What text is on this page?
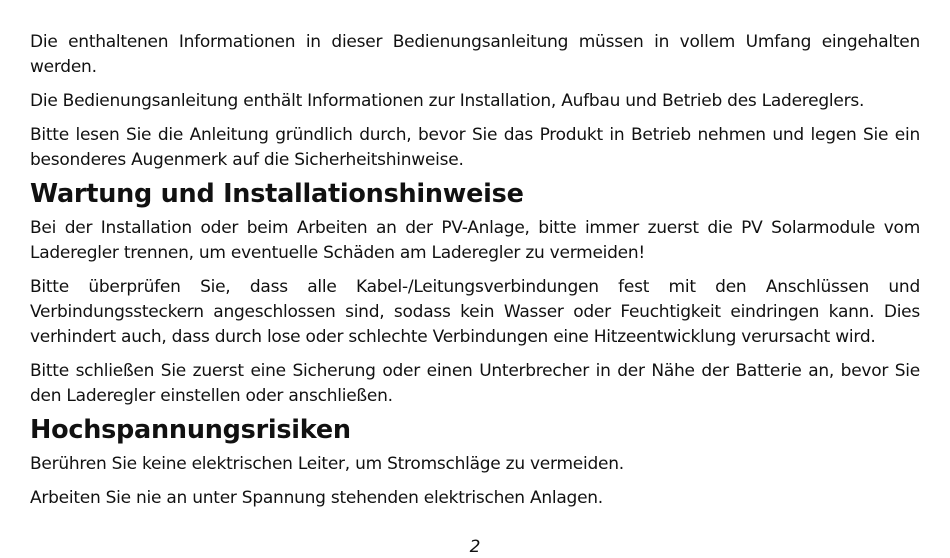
Die enthaltenen Informationen in dieser Bedienungsanleitung müssen in vollem Umfang eingehalten werden.

Die Bedienungsanleitung enthält Informationen zur Installation, Aufbau und Betrieb des Ladereglers.

Bitte lesen Sie die Anleitung gründlich durch, bevor Sie das Produkt in Betrieb nehmen und legen Sie ein besonderes Augenmerk auf die Sicherheitshinweise.

Wartung und Installationshinweise

Bei der Installation oder beim Arbeiten an der PV-Anlage, bitte immer zuerst die PV Solarmodule vom Laderegler trennen, um eventuelle Schäden am Laderegler zu vermeiden!

Bitte überprüfen Sie, dass alle Kabel-/Leitungsverbindungen fest mit den Anschlüssen und Verbindungssteckern angeschlossen sind, sodass kein Wasser oder Feuchtigkeit eindringen kann. Dies verhindert auch, dass durch lose oder schlechte Verbindungen eine Hitzeentwicklung verursacht wird.

Bitte schließen Sie zuerst eine Sicherung oder einen Unterbrecher in der Nähe der Batterie an, bevor Sie den Laderegler einstellen oder anschließen.

Hochspannungsrisiken

Berühren Sie keine elektrischen Leiter, um Stromschläge zu vermeiden.

Arbeiten Sie nie an unter Spannung stehenden elektrischen Anlagen.

2
